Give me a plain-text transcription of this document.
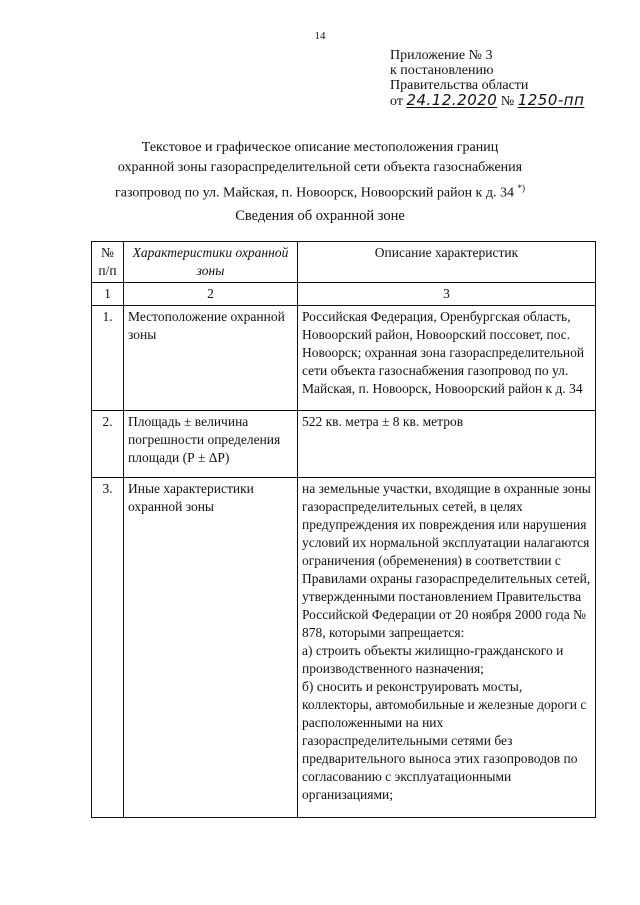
14
Приложение № 3
к постановлению
Правительства области
от 24.12.2020 № 1250-пп
Текстовое и графическое описание местоположения границ
охранной зоны газораспределительной сети объекта газоснабжения
газопровод по ул. Майская, п. Новоорск, Новоорский район к д. 34 *)
Сведения об охранной зоне
№ п/п	Характеристики охранной зоны	Описание характеристик
1	2	3
1.	Местоположение охранной зоны	Российская Федерация, Оренбургская область, Новоорский район, Новоорский поссовет, пос. Новоорск; охранная зона газораспределительной сети объекта газоснабжения газопровод по ул. Майская, п. Новоорск, Новоорский район к д. 34
2.	Площадь ± величина погрешности определения площади (Р ± ΔР)	522 кв. метра ± 8 кв. метров
3.	Иные характеристики охранной зоны	на земельные участки, входящие в охранные зоны газораспределительных сетей, в целях предупреждения их повреждения или нарушения условий их нормальной эксплуатации налагаются ограничения (обременения) в соответствии с Правилами охраны газораспределительных сетей, утвержденными постановлением Правительства Российской Федерации от 20 ноября 2000 года № 878, которыми запрещается:
а) строить объекты жилищно-гражданского и производственного назначения;
б) сносить и реконструировать мосты, коллекторы, автомобильные и железные дороги с расположенными на них газораспределительными сетями без предварительного выноса этих газопроводов по согласованию с эксплуатационными организациями;
